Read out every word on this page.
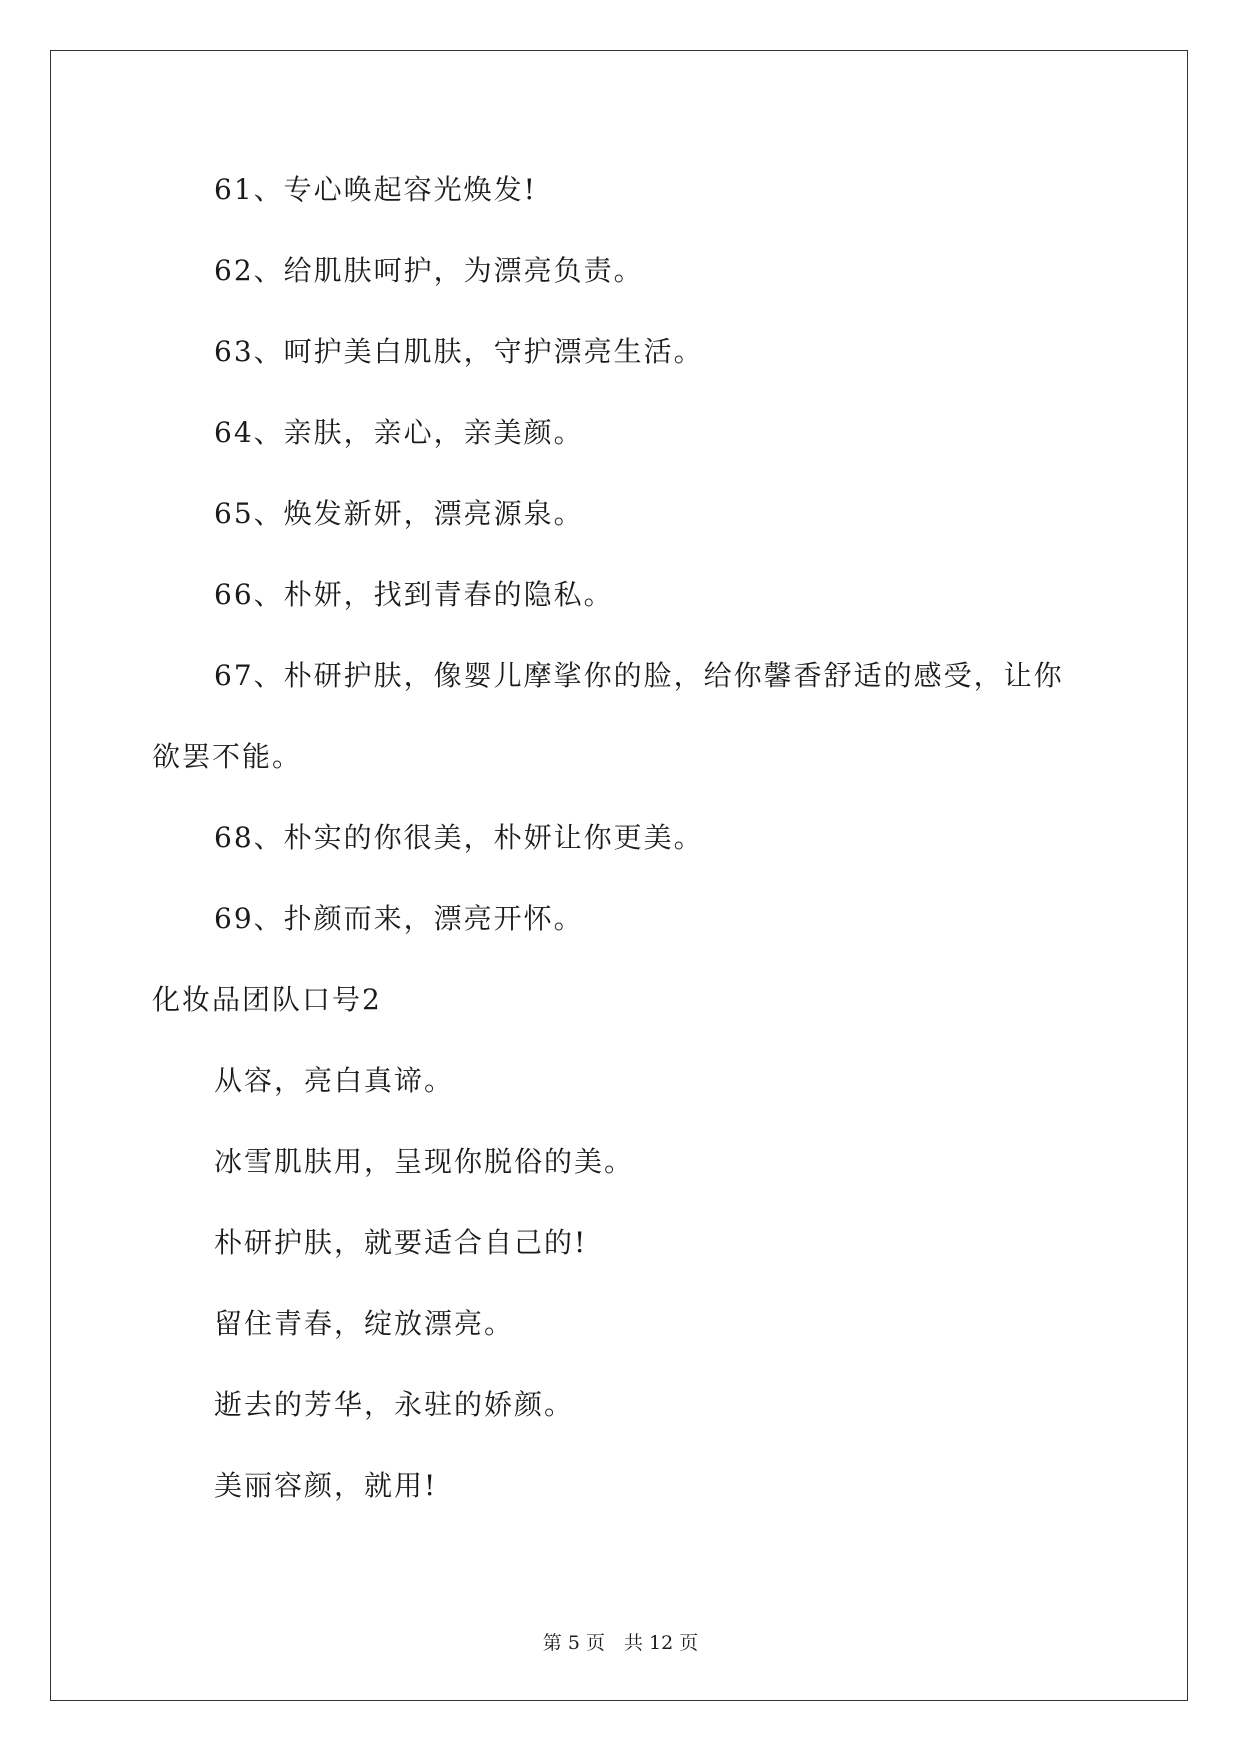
61、专心唤起容光焕发!

62、给肌肤呵护，为漂亮负责。

63、呵护美白肌肤，守护漂亮生活。

64、亲肤，亲心，亲美颜。

65、焕发新妍，漂亮源泉。

66、朴妍，找到青春的隐私。

67、朴研护肤，像婴儿摩挲你的脸，给你馨香舒适的感受，让你

欲罢不能。

68、朴实的你很美，朴妍让你更美。

69、扑颜而来，漂亮开怀。

化妆品团队口号2

从容，亮白真谛。

冰雪肌肤用，呈现你脱俗的美。

朴研护肤，就要适合自己的!

留住青春，绽放漂亮。

逝去的芳华，永驻的娇颜。

美丽容颜，就用!

第 5 页　共 12 页
